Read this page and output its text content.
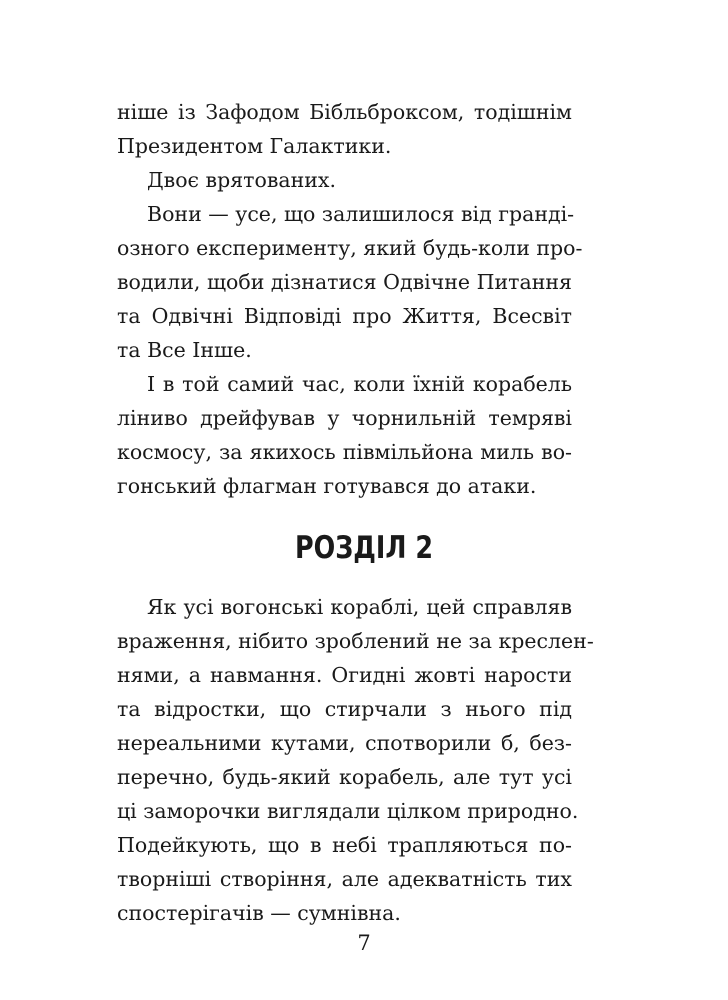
ніше із Зафодом Бібльброксом, тодішнім
Президентом Галактики.
Двоє врятованих.
Вони — усе, що залишилося від гранді-
озного експерименту, який будь-коли про-
водили, щоби дізнатися Одвічне Питання
та Одвічні Відповіді про Життя, Всесвіт
та Все Інше.
І в той самий час, коли їхній корабель
ліниво дрейфував у чорнильній темряві
космосу, за якихось півмільйона миль во-
гонський флагман готувався до атаки.
РОЗДІЛ 2
Як усі вогонські кораблі, цей справляв
враження, нібито зроблений не за креслен-
нями, а навмання. Огидні жовті нарости
та відростки, що стирчали з нього під
нереальними кутами, спотворили б, без-
перечно, будь-який корабель, але тут усі
ці заморочки виглядали цілком природно.
Подейкують, що в небі трапляються по-
творніші створіння, але адекватність тих
спостерігачів — сумнівна.
7
